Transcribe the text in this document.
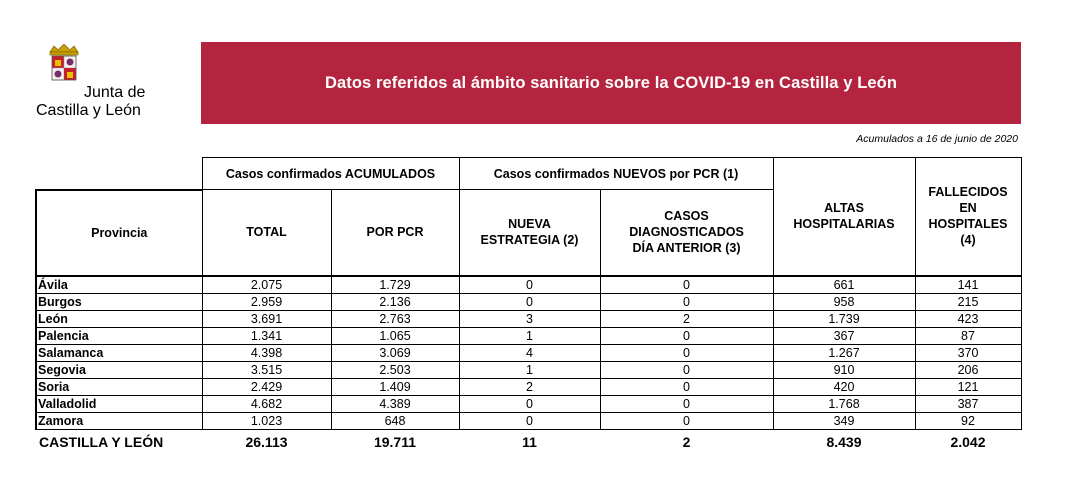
Junta de
Castilla y León
Datos referidos al ámbito sanitario sobre la COVID-19 en Castilla y León
Acumulados a 16 de junio de 2020
	Casos confirmados ACUMULADOS		Casos confirmados NUEVOS por PCR (1)		ALTAS HOSPITALARIAS	FALLECIDOS EN HOSPITALES (4)

Provincia	TOTAL	POR PCR	NUEVA ESTRATEGIA (2)	CASOS DIAGNOSTICADOS DÍA ANTERIOR (3)		

Ávila	2.075	1.729	0	0	661	141
Burgos	2.959	2.136	0	0	958	215
León	3.691	2.763	3	2	1.739	423
Palencia	1.341	1.065	1	0	367	87
Salamanca	4.398	3.069	4	0	1.267	370
Segovia	3.515	2.503	1	0	910	206
Soria	2.429	1.409	2	0	420	121
Valladolid	4.682	4.389	0	0	1.768	387
Zamora	1.023	648	0	0	349	92
CASTILLA Y LEÓN	26.113	19.711	11	2	8.439	2.042
